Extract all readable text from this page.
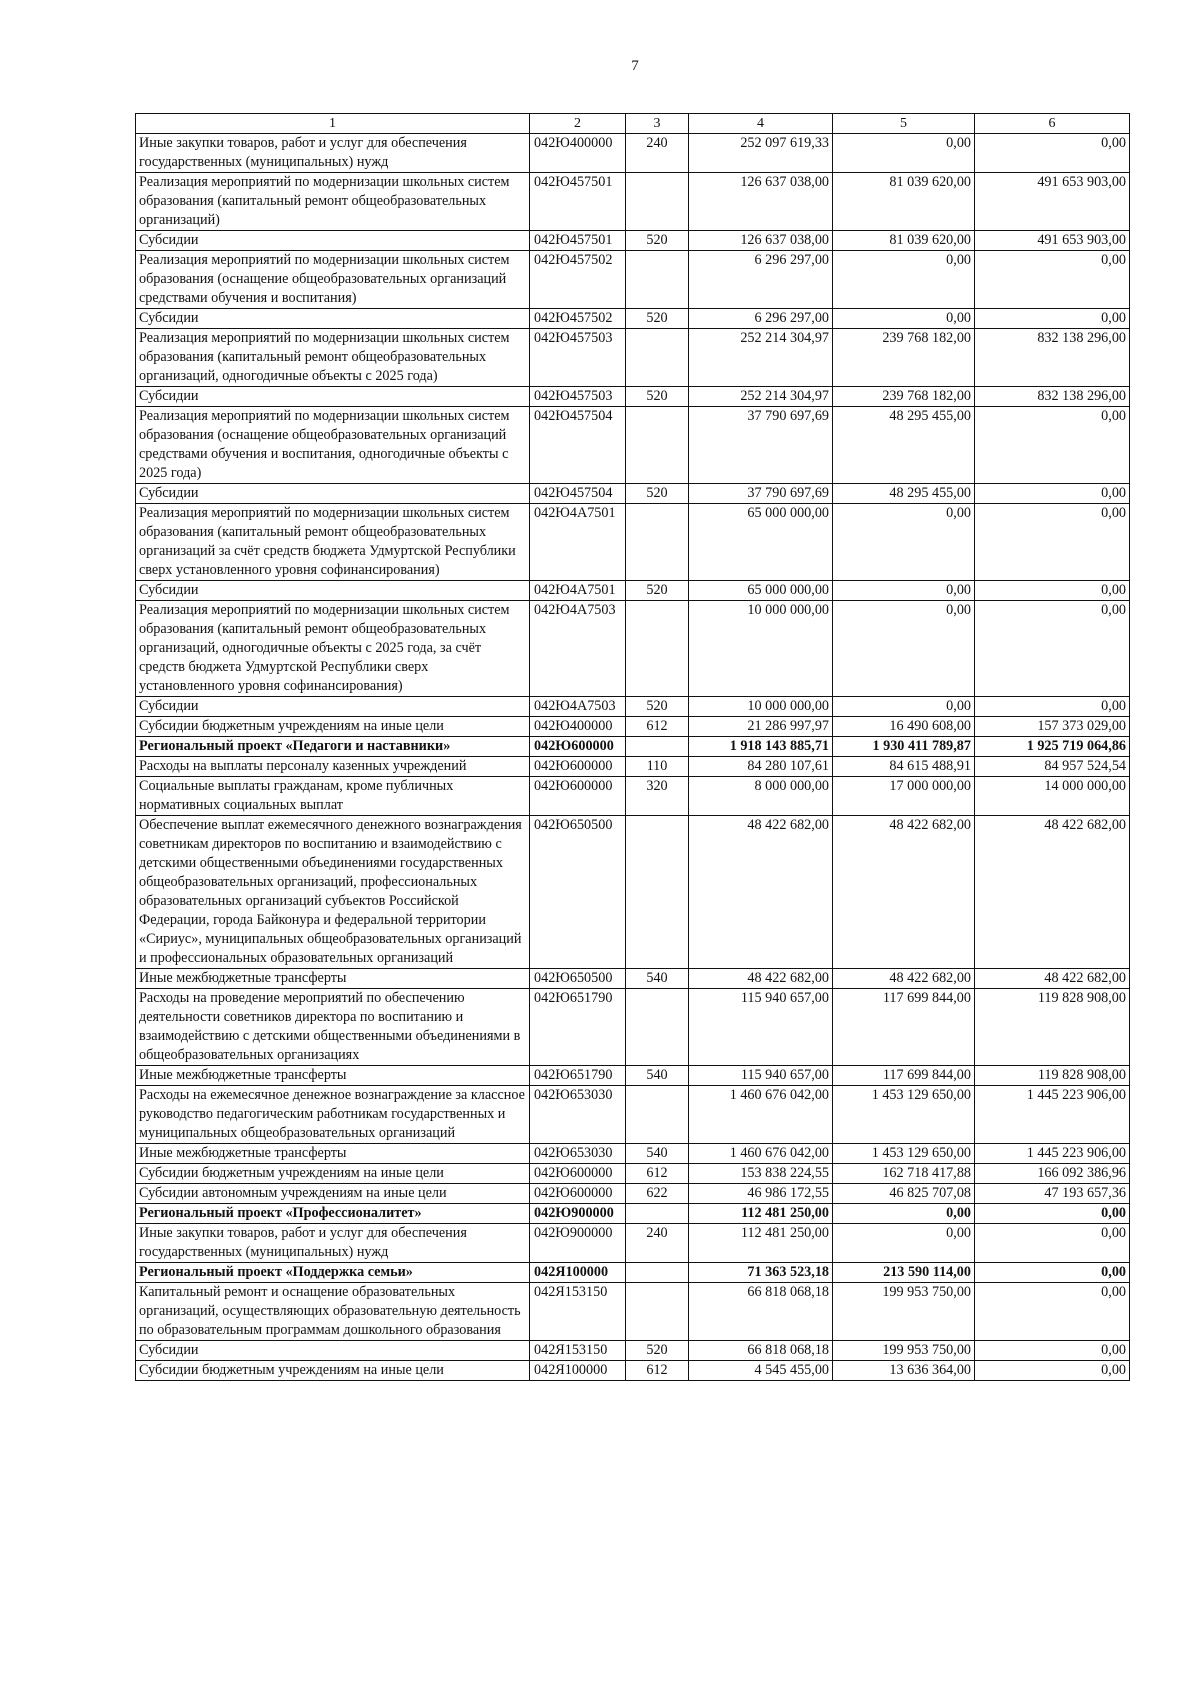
7
1	2	3	4	5	6
Иные закупки товаров, работ и услуг для обеспечения государственных (муниципальных) нужд	042Ю400000	240	252 097 619,33	0,00	0,00
Реализация мероприятий по модернизации школьных систем образования (капитальный ремонт общеобразовательных организаций)	042Ю457501		126 637 038,00	81 039 620,00	491 653 903,00
Субсидии	042Ю457501	520	126 637 038,00	81 039 620,00	491 653 903,00
Реализация мероприятий по модернизации школьных систем образования (оснащение общеобразовательных организаций средствами обучения и воспитания)	042Ю457502		6 296 297,00	0,00	0,00
Субсидии	042Ю457502	520	6 296 297,00	0,00	0,00
Реализация мероприятий по модернизации школьных систем образования (капитальный ремонт общеобразовательных организаций, одногодичные объекты с 2025 года)	042Ю457503		252 214 304,97	239 768 182,00	832 138 296,00
Субсидии	042Ю457503	520	252 214 304,97	239 768 182,00	832 138 296,00
Реализация мероприятий по модернизации школьных систем образования (оснащение общеобразовательных организаций средствами обучения и воспитания, одногодичные объекты с 2025 года)	042Ю457504		37 790 697,69	48 295 455,00	0,00
Субсидии	042Ю457504	520	37 790 697,69	48 295 455,00	0,00
Реализация мероприятий по модернизации школьных систем образования (капитальный ремонт общеобразовательных организаций за счёт средств бюджета Удмуртской Республики сверх установленного уровня софинансирования)	042Ю4А7501		65 000 000,00	0,00	0,00
Субсидии	042Ю4А7501	520	65 000 000,00	0,00	0,00
Реализация мероприятий по модернизации школьных систем образования (капитальный ремонт общеобразовательных организаций, одногодичные объекты с 2025 года, за счёт средств бюджета Удмуртской Республики сверх установленного уровня софинансирования)	042Ю4А7503		10 000 000,00	0,00	0,00
Субсидии	042Ю4А7503	520	10 000 000,00	0,00	0,00
Субсидии бюджетным учреждениям на иные цели	042Ю400000	612	21 286 997,97	16 490 608,00	157 373 029,00
Региональный проект «Педагоги и наставники»	042Ю600000		1 918 143 885,71	1 930 411 789,87	1 925 719 064,86
Расходы на выплаты персоналу казенных учреждений	042Ю600000	110	84 280 107,61	84 615 488,91	84 957 524,54
Социальные выплаты гражданам, кроме публичных нормативных социальных выплат	042Ю600000	320	8 000 000,00	17 000 000,00	14 000 000,00
Обеспечение выплат ежемесячного денежного вознаграждения советникам директоров по воспитанию и взаимодействию с детскими общественными объединениями государственных общеобразовательных организаций, профессиональных образовательных организаций субъектов Российской Федерации, города Байконура и федеральной территории «Сириус», муниципальных общеобразовательных организаций и профессиональных образовательных организаций	042Ю650500		48 422 682,00	48 422 682,00	48 422 682,00
Иные межбюджетные трансферты	042Ю650500	540	48 422 682,00	48 422 682,00	48 422 682,00
Расходы на проведение мероприятий по обеспечению деятельности советников директора по воспитанию и взаимодействию с детскими общественными объединениями в общеобразовательных организациях	042Ю651790		115 940 657,00	117 699 844,00	119 828 908,00
Иные межбюджетные трансферты	042Ю651790	540	115 940 657,00	117 699 844,00	119 828 908,00
Расходы на ежемесячное денежное вознаграждение за классное руководство педагогическим работникам государственных и муниципальных общеобразовательных организаций	042Ю653030		1 460 676 042,00	1 453 129 650,00	1 445 223 906,00
Иные межбюджетные трансферты	042Ю653030	540	1 460 676 042,00	1 453 129 650,00	1 445 223 906,00
Субсидии бюджетным учреждениям на иные цели	042Ю600000	612	153 838 224,55	162 718 417,88	166 092 386,96
Субсидии автономным учреждениям на иные цели	042Ю600000	622	46 986 172,55	46 825 707,08	47 193 657,36
Региональный проект «Профессионалитет»	042Ю900000		112 481 250,00	0,00	0,00
Иные закупки товаров, работ и услуг для обеспечения государственных (муниципальных) нужд	042Ю900000	240	112 481 250,00	0,00	0,00
Региональный проект «Поддержка семьи»	042Я100000		71 363 523,18	213 590 114,00	0,00
Капитальный ремонт и оснащение образовательных организаций, осуществляющих образовательную деятельность по образовательным программам дошкольного образования	042Я153150		66 818 068,18	199 953 750,00	0,00
Субсидии	042Я153150	520	66 818 068,18	199 953 750,00	0,00
Субсидии бюджетным учреждениям на иные цели	042Я100000	612	4 545 455,00	13 636 364,00	0,00
